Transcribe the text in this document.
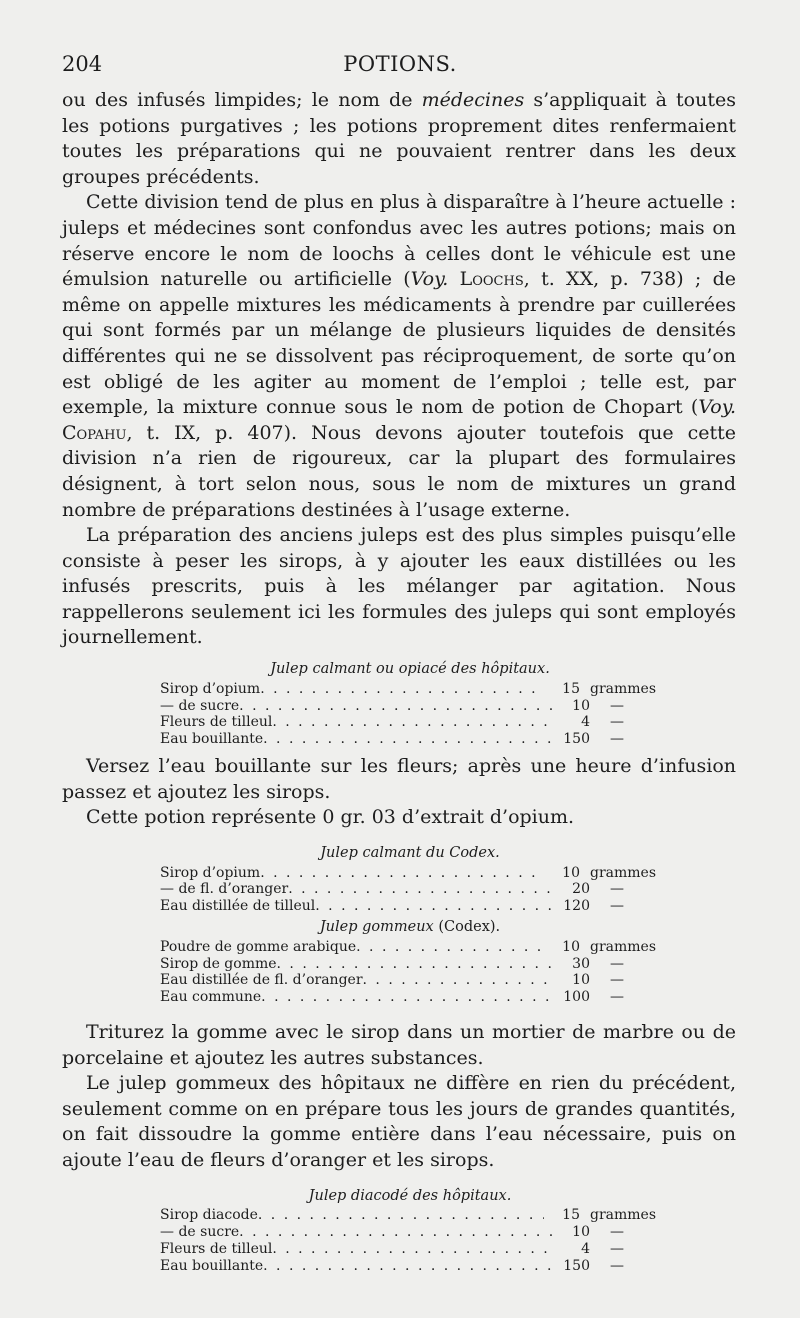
204	POTIONS.

ou des infusés limpides; le nom de médecines s’appliquait à toutes les potions purgatives ; les potions proprement dites renfermaient toutes les préparations qui ne pouvaient rentrer dans les deux groupes précédents.

Cette division tend de plus en plus à disparaître à l’heure actuelle : juleps et médecines sont confondus avec les autres potions; mais on réserve encore le nom de loochs à celles dont le véhicule est une émulsion naturelle ou artificielle (Voy. Loochs, t. XX, p. 738) ; de même on appelle mixtures les médicaments à prendre par cuillerées qui sont formés par un mélange de plusieurs liquides de densités différentes qui ne se dissolvent pas réciproquement, de sorte qu’on est obligé de les agiter au moment de l’emploi ; telle est, par exemple, la mixture connue sous le nom de potion de Chopart (Voy. Copahu, t. IX, p. 407). Nous devons ajouter toutefois que cette division n’a rien de rigoureux, car la plupart des formulaires désignent, à tort selon nous, sous le nom de mixtures un grand nombre de préparations destinées à l’usage externe.

La préparation des anciens juleps est des plus simples puisqu’elle consiste à peser les sirops, à y ajouter les eaux distillées ou les infusés prescrits, puis à les mélanger par agitation. Nous rappellerons seulement ici les formules des juleps qui sont employés journellement.

Julep calmant ou opiacé des hôpitaux.
Sirop d’opium . . .	15 grammes
— de sucre . . .	10	—
Fleurs de tilleul . . .	4	—
Eau bouillante . . .	150	—

Versez l’eau bouillante sur les fleurs; après une heure d’infusion passez et ajoutez les sirops.

Cette potion représente 0 gr. 03 d’extrait d’opium.

Julep calmant du Codex.
Sirop d’opium . . .	10 grammes
— de fl. d’oranger . . .	20	—
Eau distillée de tilleul . . .	120	—
Julep gommeux (Codex).
Poudre de gomme arabique . . .	10 grammes
Sirop de gomme . . .	30	—
Eau distillée de fl. d’oranger . . .	10	—
Eau commune . . .	100	—

Triturez la gomme avec le sirop dans un mortier de marbre ou de porcelaine et ajoutez les autres substances.

Le julep gommeux des hôpitaux ne diffère en rien du précédent, seulement comme on en prépare tous les jours de grandes quantités, on fait dissoudre la gomme entière dans l’eau nécessaire, puis on ajoute l’eau de fleurs d’oranger et les sirops.

Julep diacodé des hôpitaux.
Sirop diacode . . .	15 grammes
— de sucre . . .	10	—
Fleurs de tilleul . . .	4	—
Eau bouillante . . .	150	—
